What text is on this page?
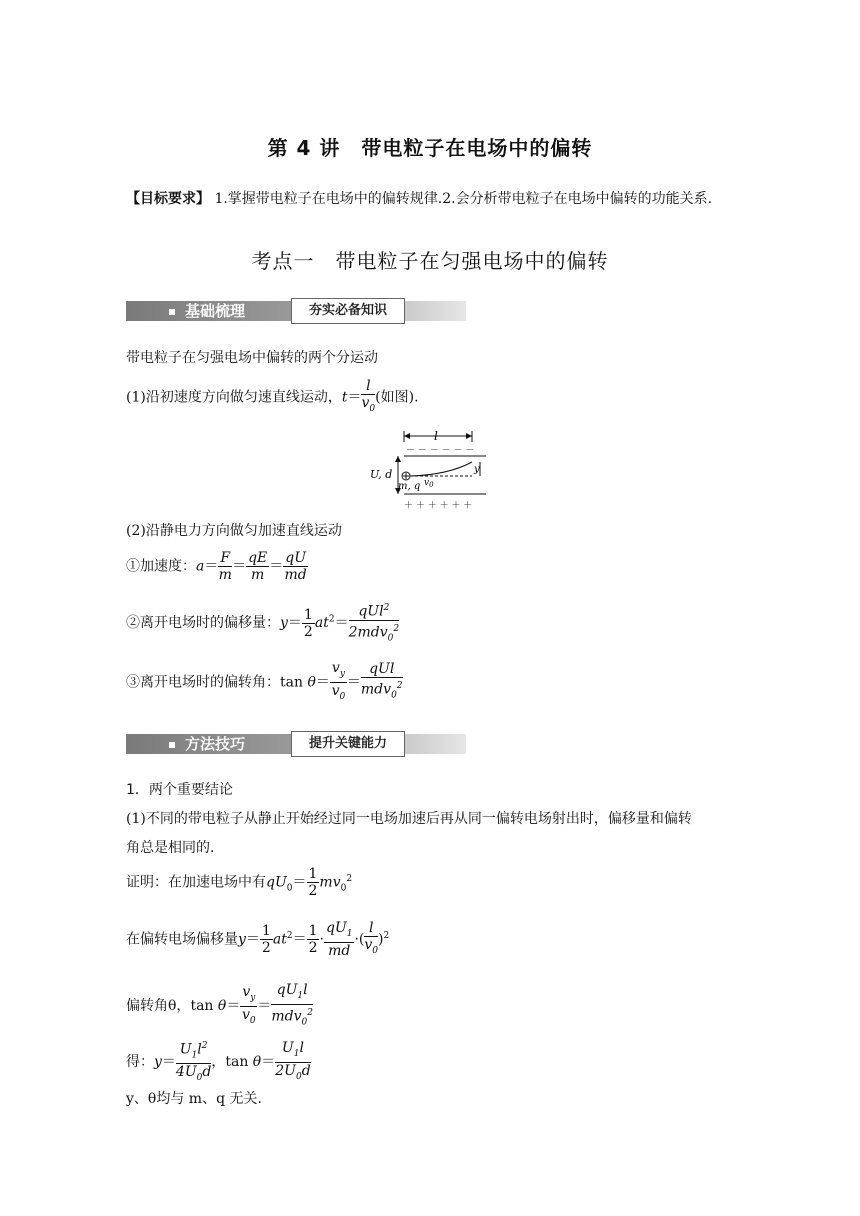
第 4 讲　带电粒子在电场中的偏转
【目标要求】 1.掌握带电粒子在电场中的偏转规律.2.会分析带电粒子在电场中偏转的功能关系.
考点一　带电粒子在匀强电场中的偏转
基础梳理	夯实必备知识
带电粒子在匀强电场中偏转的两个分运动
(1)沿初速度方向做匀速直线运动，$t= \frac{l}{v_0}$ (如图).
l
－ － － － － －
＋ ＋ ＋ ＋ ＋ ＋
U, d	y
m, q $v_0$
(2)沿静电力方向做匀加速直线运动
①加速度：$a= \frac{F}{m} = \frac{qE}{m} = \frac{qU}{md}$
②离开电场时的偏移量：$y= \frac{1}{2} at^2= \frac{qUl^2}{2mdv_0^2}$
③离开电场时的偏转角：$\tan \theta= \frac{v_y}{v_0} = \frac{\text{qUl}}{mdv_0^2}$
方法技巧	提升关键能力
1．两个重要结论
(1)不同的带电粒子从静止开始经过同一电场加速后再从同一偏转电场射出时，偏移量和偏转
角总是相同的．
证明：在加速电场中有$qU_0= \frac{1}{2} mv_0^2$
在偏转电场偏移量$y= \frac{1}{2} at^2= \frac{1}{2} \cdot \frac{qU_1}{md}$ ·( $\frac{l}{v_0} )^2$
偏转角θ，$\tan \theta= \frac{v_y}{v_0} = \frac{qU_1l}{mdv_0^2}$
得：$y= \frac{U_1l^2}{4U_0d}$ ，$\tan \theta= \frac{U_1l}{2U_0d}$
y、θ均与 m、q 无关．
